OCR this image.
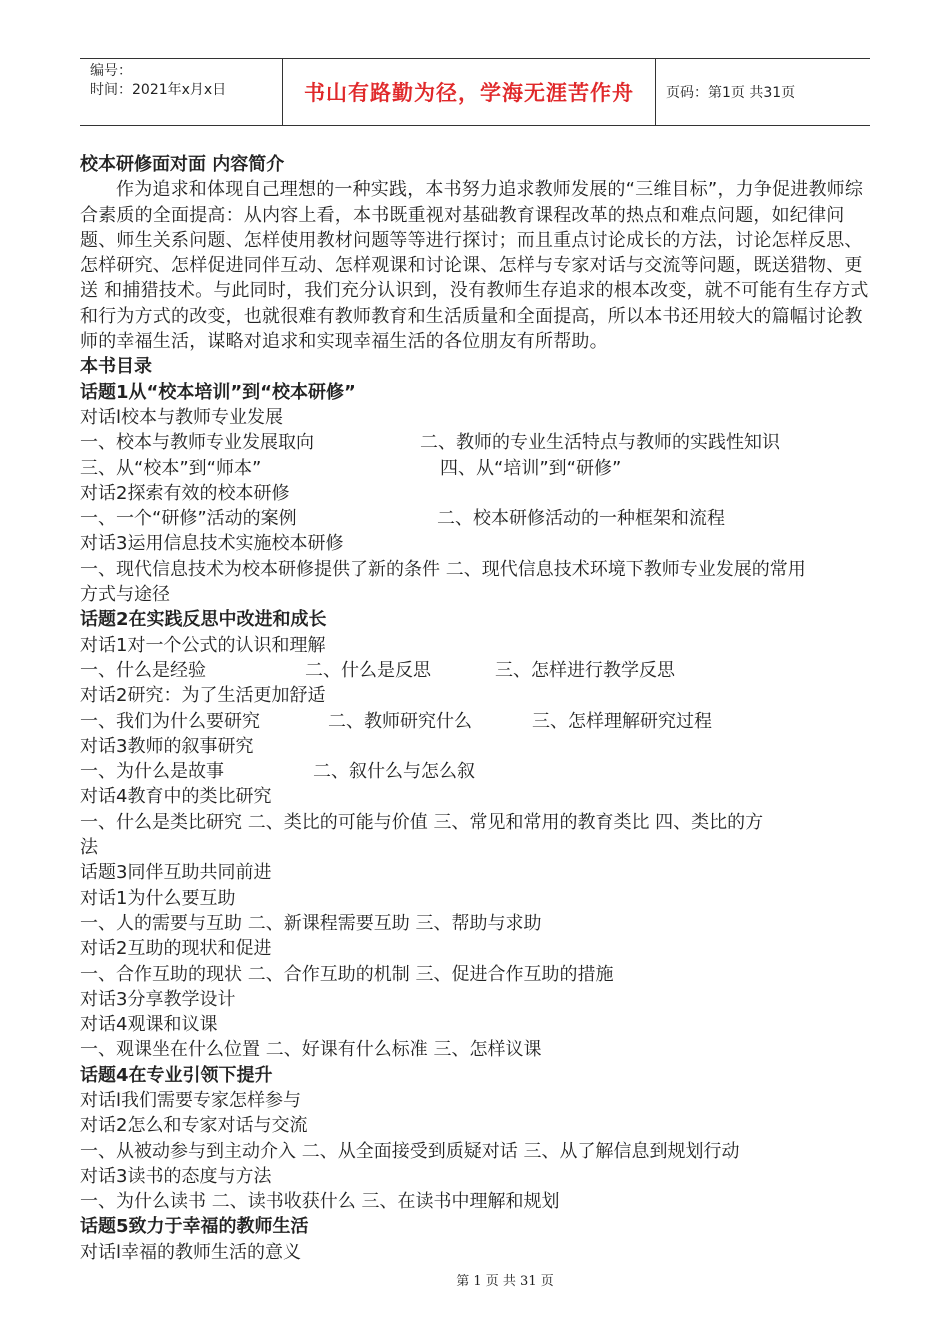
编号：
时间：2021年x月x日	书山有路勤为径，学海无涯苦作舟	页码：第1页 共31页
校本研修面对面 内容简介
作为追求和体现自己理想的一种实践，本书努力追求教师发展的“三维目标”，力争促进教师综合素质的全面提高：从内容上看，本书既重视对基础教育课程改革的热点和难点问题，如纪律问题、师生关系问题、怎样使用教材问题等等进行探讨；而且重点讨论成长的方法，讨论怎样反思、怎样研究、怎样促进同伴互动、怎样观课和讨论课、怎样与专家对话与交流等问题，既送猎物、更送 和捕猎技术。与此同时，我们充分认识到，没有教师生存追求的根本改变，就不可能有生存方式和行为方式的改变，也就很难有教师教育和生活质量和全面提高，所以本书还用较大的篇幅讨论教师的幸福生活，谋略对追求和实现幸福生活的各位朋友有所帮助。
本书目录
话题1从“校本培训”到“校本研修”
对话l校本与教师专业发展
一、校本与教师专业发展取向	二、教师的专业生活特点与教师的实践性知识
三、从“校本”到“师本”	四、从“培训”到“研修”
对话2探索有效的校本研修
一、一个“研修”活动的案例	二、校本研修活动的一种框架和流程
对话3运用信息技术实施校本研修
一、现代信息技术为校本研修提供了新的条件 二、现代信息技术环境下教师专业发展的常用
方式与途径
话题2在实践反思中改进和成长
对话1对一个公式的认识和理解
一、什么是经验	二、什么是反思	三、怎样进行教学反思
对话2研究：为了生活更加舒适
一、我们为什么要研究	二、教师研究什么	三、怎样理解研究过程
对话3教师的叙事研究
一、为什么是故事	二、叙什么与怎么叙
对话4教育中的类比研究
一、什么是类比研究 二、类比的可能与价值 三、常见和常用的教育类比 四、类比的方
法
话题3同伴互助共同前进
对话1为什么要互助
一、人的需要与互助 二、新课程需要互助 三、帮助与求助
对话2互助的现状和促进
一、合作互助的现状 二、合作互助的机制 三、促进合作互助的措施
对话3分享教学设计
对话4观课和议课
一、观课坐在什么位置 二、好课有什么标准 三、怎样议课
话题4在专业引领下提升
对话l我们需要专家怎样参与
对话2怎么和专家对话与交流
一、从被动参与到主动介入 二、从全面接受到质疑对话 三、从了解信息到规划行动
对话3读书的态度与方法
一、为什么读书 二、读书收获什么 三、在读书中理解和规划
话题5致力于幸福的教师生活
对话l幸福的教师生活的意义
第 1 页 共 31 页
